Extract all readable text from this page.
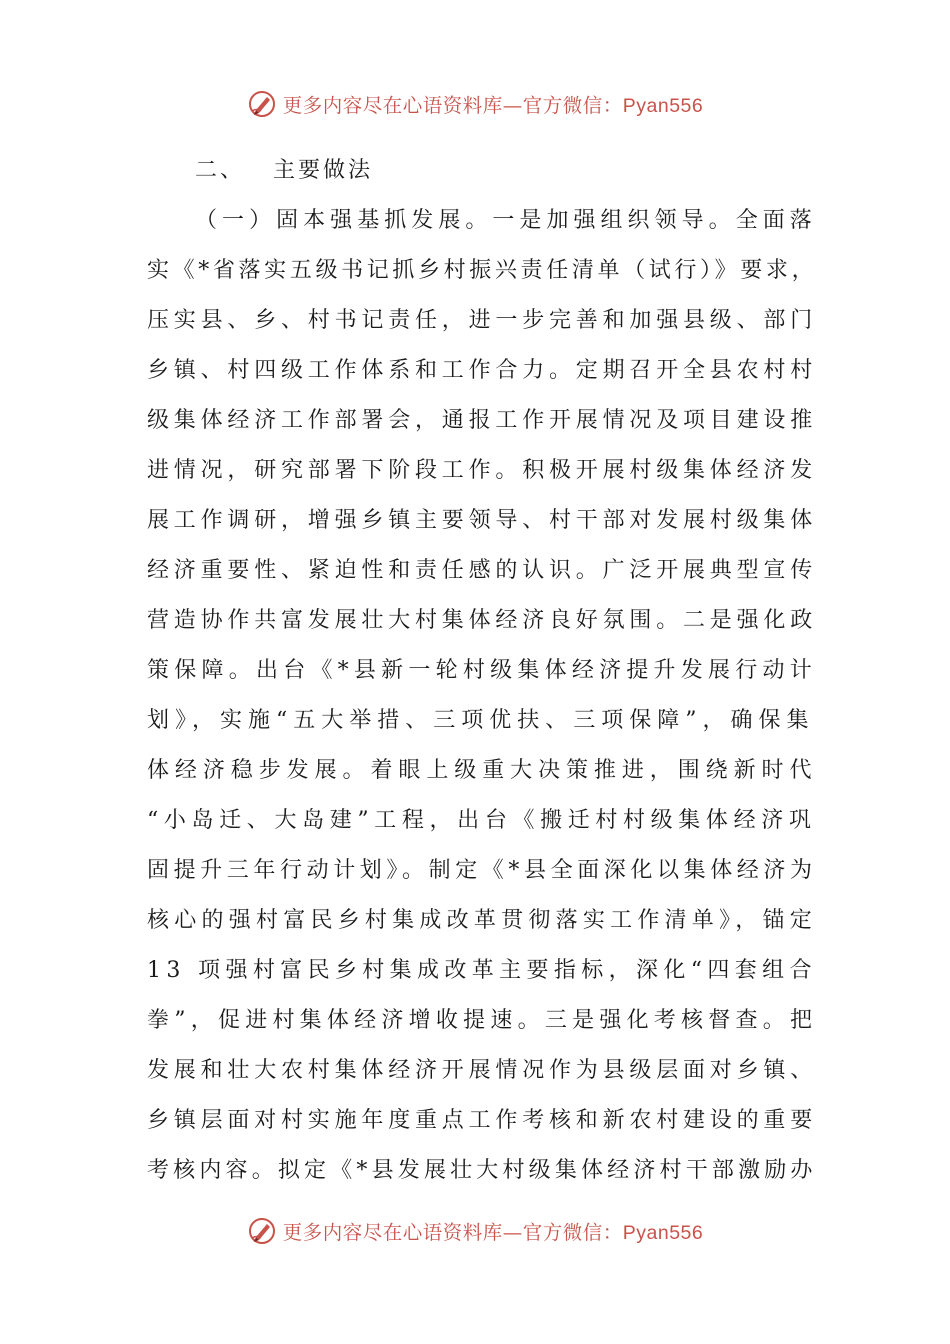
更多内容尽在心语资料库—官方微信：Pyan556
二、 主要做法
（一）固本强基抓发展。一是加强组织领导。全面落
实《*省落实五级书记抓乡村振兴责任清单（试行）》要求，
压实县、乡、村书记责任，进一步完善和加强县级、部门
乡镇、村四级工作体系和工作合力。定期召开全县农村村
级集体经济工作部署会，通报工作开展情况及项目建设推
进情况，研究部署下阶段工作。积极开展村级集体经济发
展工作调研，增强乡镇主要领导、村干部对发展村级集体
经济重要性、紧迫性和责任感的认识。广泛开展典型宣传
营造协作共富发展壮大村集体经济良好氛围。二是强化政
策保障。出台《*县新一轮村级集体经济提升发展行动计
划》，实施“五大举措、三项优扶、三项保障”，确保集
体经济稳步发展。着眼上级重大决策推进，围绕新时代
“小岛迁、大岛建”工程，出台《搬迁村村级集体经济巩
固提升三年行动计划》。制定《*县全面深化以集体经济为
核心的强村富民乡村集成改革贯彻落实工作清单》，锚定
13 项强村富民乡村集成改革主要指标，深化“四套组合
拳”，促进村集体经济增收提速。三是强化考核督查。把
发展和壮大农村集体经济开展情况作为县级层面对乡镇、
乡镇层面对村实施年度重点工作考核和新农村建设的重要
考核内容。拟定《*县发展壮大村级集体经济村干部激励办
更多内容尽在心语资料库—官方微信：Pyan556
